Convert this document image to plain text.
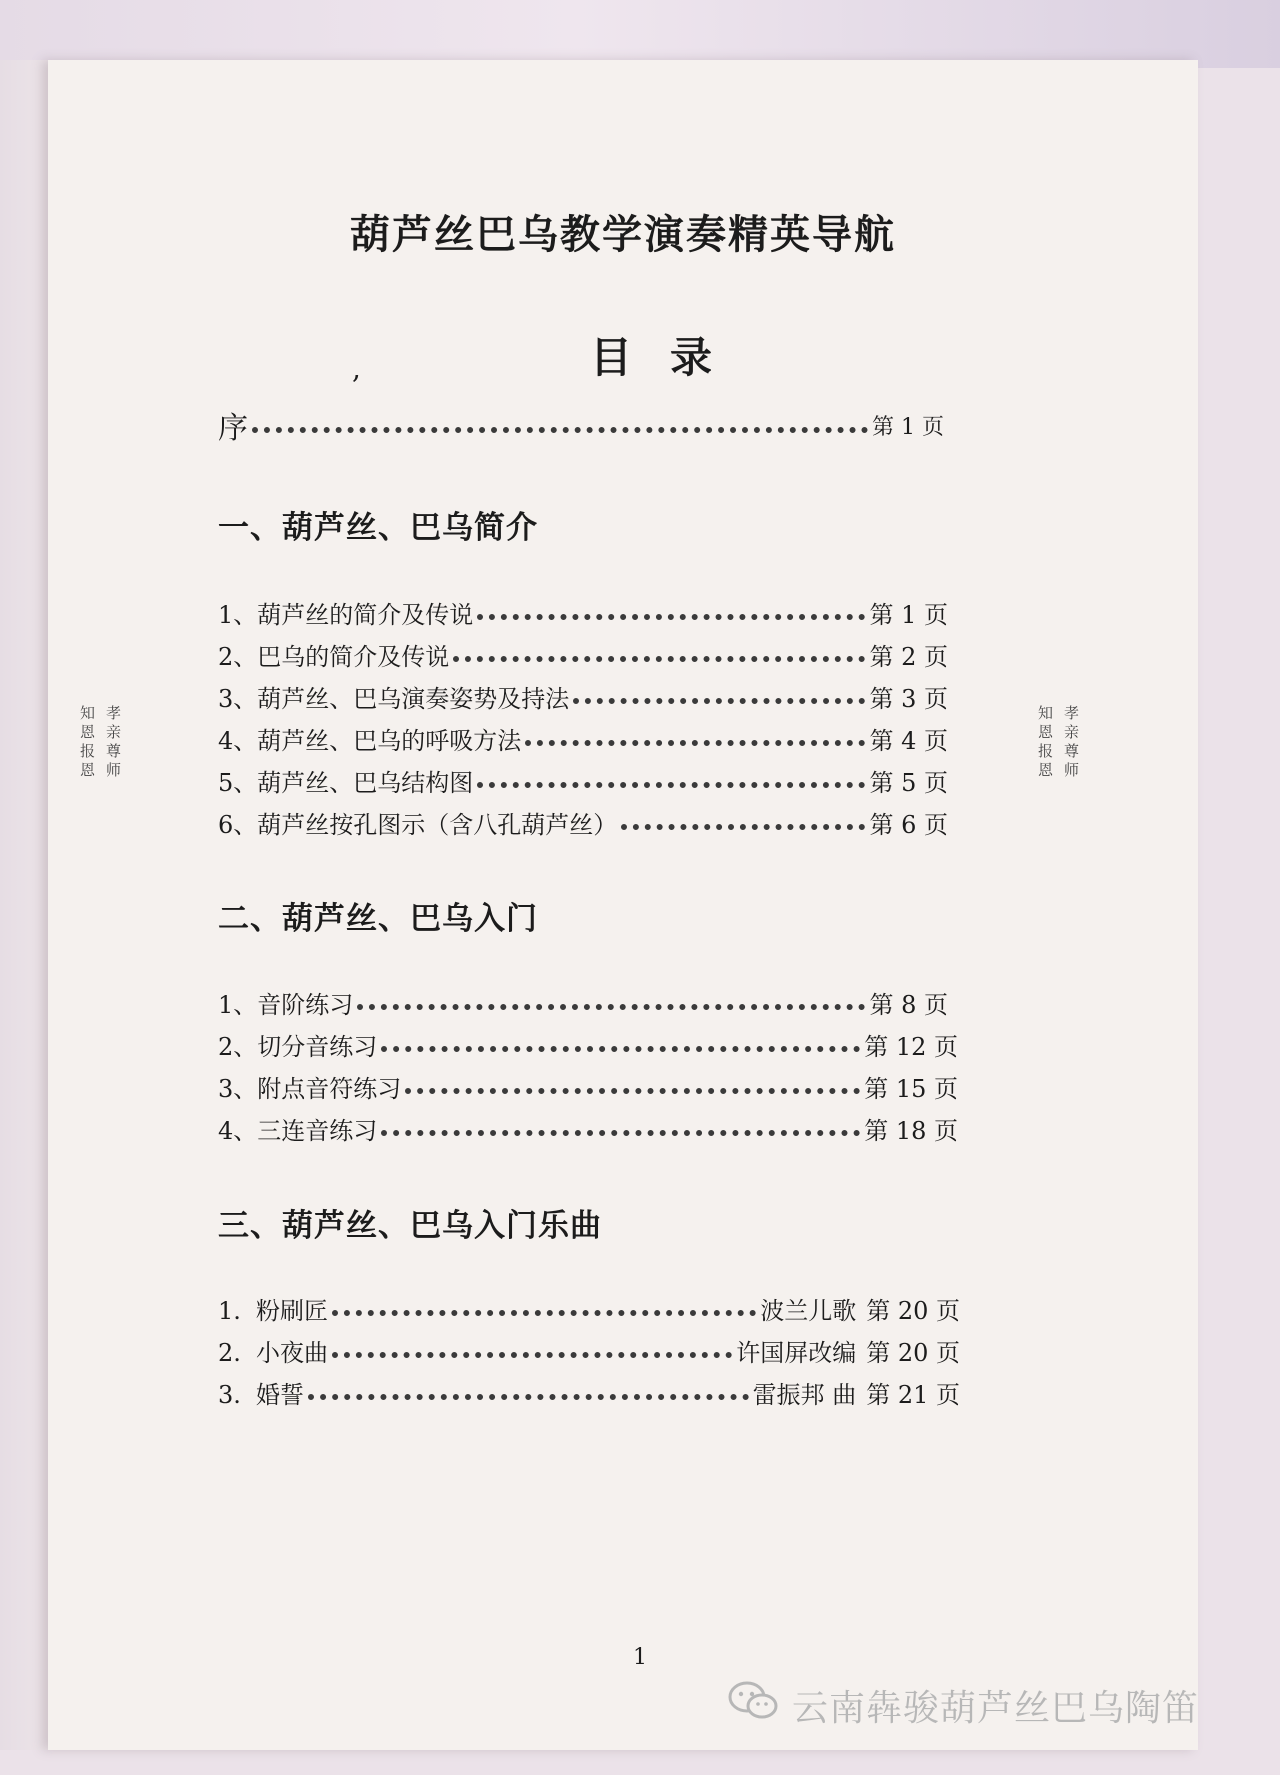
葫芦丝巴乌教学演奏精英导航
,	目录
序	第 1 页
一、葫芦丝、巴乌简介
1、葫芦丝的简介及传说	第 1 页
2、巴乌的简介及传说	第 2 页
3、葫芦丝、巴乌演奏姿势及持法	第 3 页
4、葫芦丝、巴乌的呼吸方法	第 4 页
5、葫芦丝、巴乌结构图	第 5 页
6、葫芦丝按孔图示（含八孔葫芦丝）	第 6 页
二、葫芦丝、巴乌入门
1、音阶练习	第 8 页
2、切分音练习	第 12 页
3、附点音符练习	第 15 页
4、三连音练习	第 18 页
三、葫芦丝、巴乌入门乐曲
1. 粉刷匠	波兰儿歌 第 20 页
2. 小夜曲	许国屏改编 第 20 页
3. 婚誓	雷振邦 曲 第 21 页
孝亲尊师
知恩报恩	孝亲尊师
知恩报恩
1
云南犇骏葫芦丝巴乌陶笛
